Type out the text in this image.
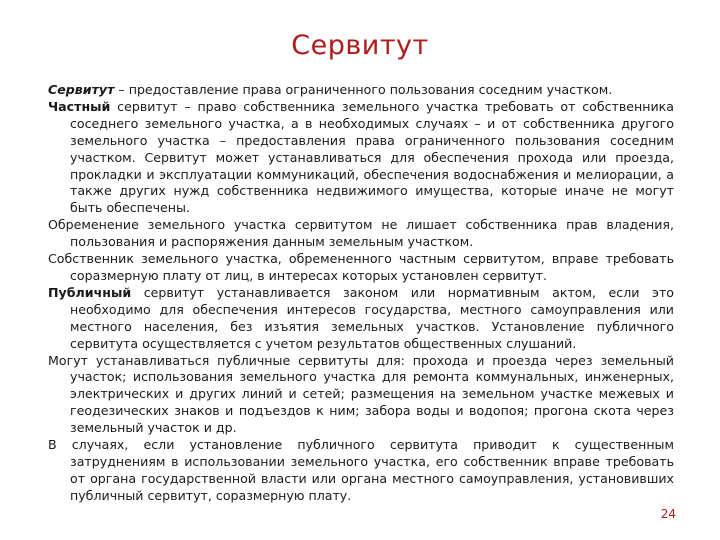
Сервитут

Сервитут – предоставление права ограниченного пользования соседним участком.

Частный сервитут – право собственника земельного участка требовать от собственника соседнего земельного участка, а в необходимых случаях – и от собственника другого земельного участка – предоставления права ограниченного пользования соседним участком. Сервитут может устанавливаться для обеспечения прохода или проезда, прокладки и эксплуатации коммуникаций, обеспечения водоснабжения и мелиорации, а также других нужд собственника недвижимого имущества, которые иначе не могут быть обеспечены.

Обременение земельного участка сервитутом не лишает собственника прав владения, пользования и распоряжения данным земельным участком.

Собственник земельного участка, обремененного частным сервитутом, вправе требовать соразмерную плату от лиц, в интересах которых установлен сервитут.

Публичный сервитут устанавливается законом или нормативным актом, если это необходимо для обеспечения интересов государства, местного самоуправления или местного населения, без изъятия земельных участков. Установление публичного сервитута осуществляется с учетом результатов общественных слушаний.

Могут устанавливаться публичные сервитуты для: прохода и проезда через земельный участок; использования земельного участка для ремонта коммунальных, инженерных, электрических и других линий и сетей; размещения на земельном участке межевых и геодезических знаков и подъездов к ним; забора воды и водопоя; прогона скота через земельный участок и др.

В случаях, если установление публичного сервитута приводит к существенным затруднениям в использовании земельного участка, его собственник вправе требовать от органа государственной власти или органа местного самоуправления, установивших публичный сервитут, соразмерную плату.

24
